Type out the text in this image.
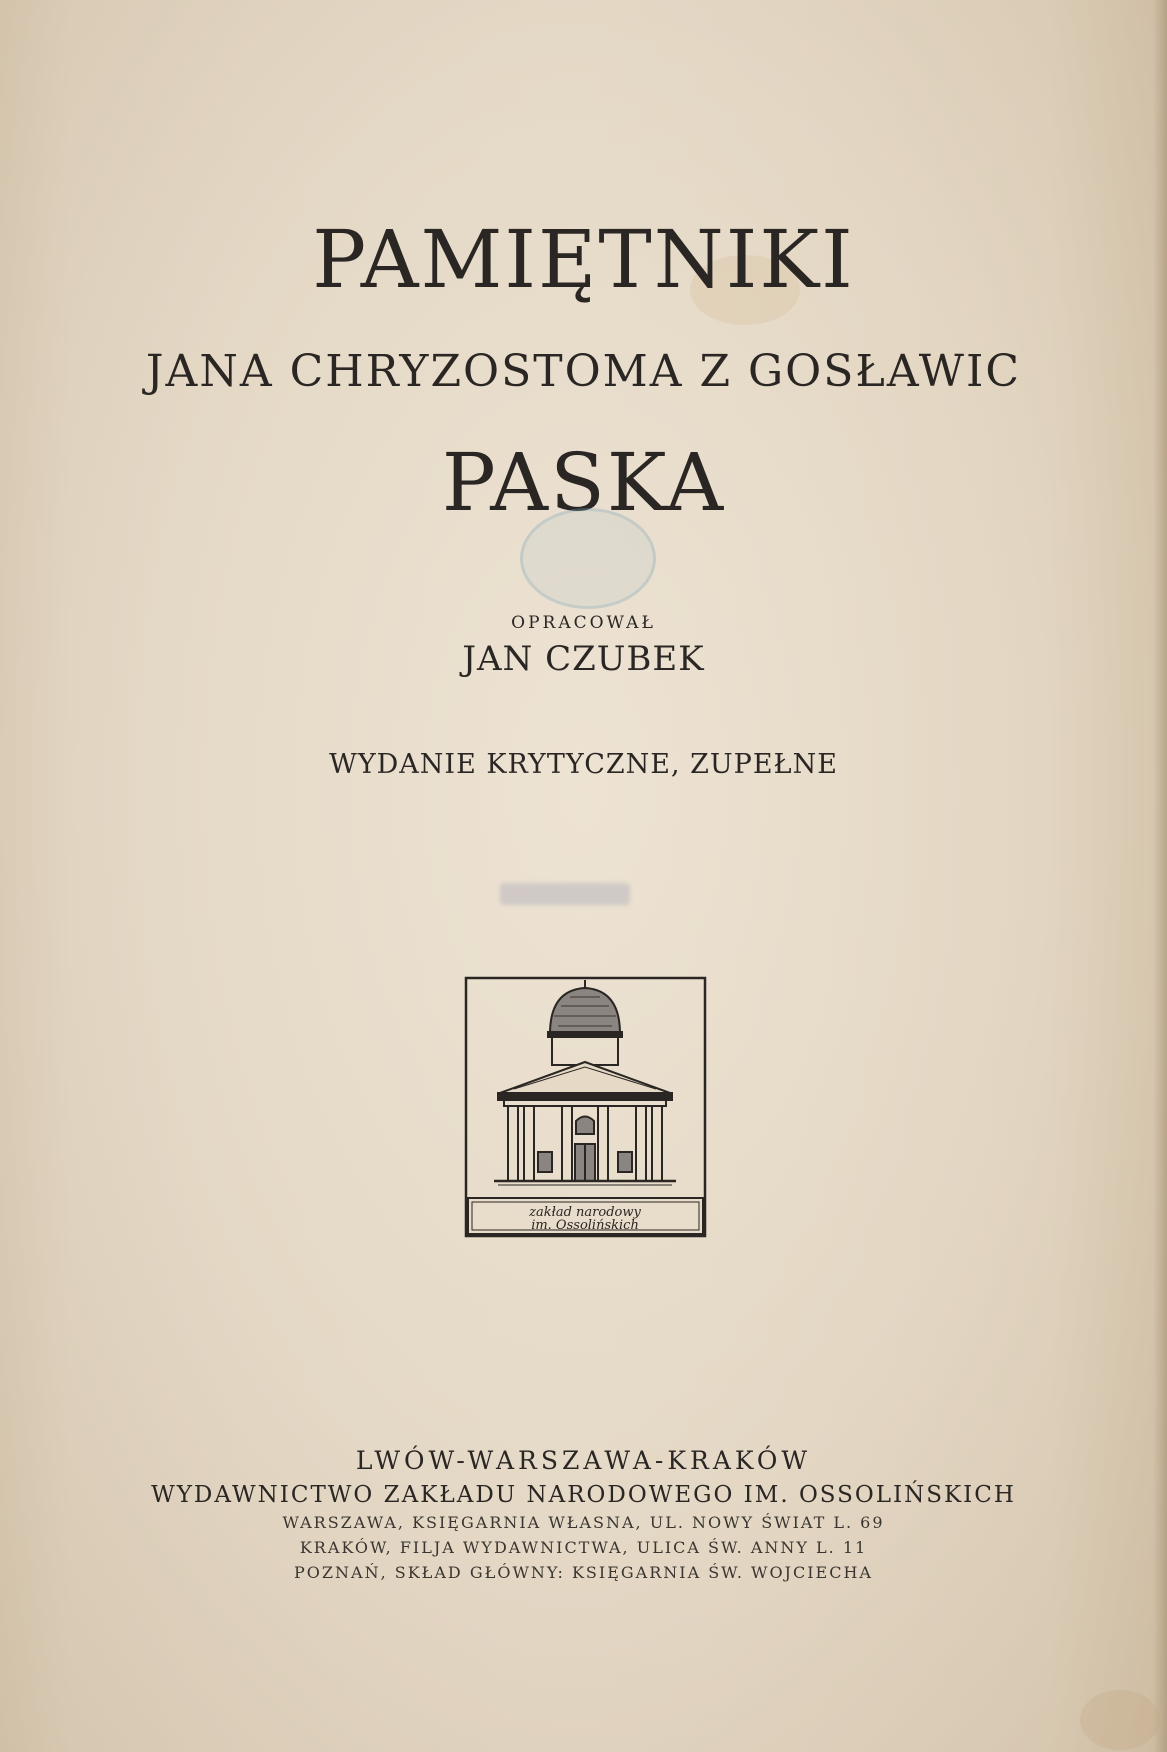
PAMIĘTNIKI
JANA CHRYZOSTOMA Z GOSŁAWIC
PASKA
OPRACOWAŁ
JAN CZUBEK
WYDANIE KRYTYCZNE, ZUPEŁNE
zakład narodowy
im. Ossolińskich
LWÓW-WARSZAWA-KRAKÓW
WYDAWNICTWO ZAKŁADU NARODOWEGO IM. OSSOLIŃSKICH
WARSZAWA, KSIĘGARNIA WŁASNA, UL. NOWY ŚWIAT L. 69
KRAKÓW, FILJA WYDAWNICTWA, ULICA ŚW. ANNY L. 11
POZNAŃ, SKŁAD GŁÓWNY: KSIĘGARNIA ŚW. WOJCIECHA
